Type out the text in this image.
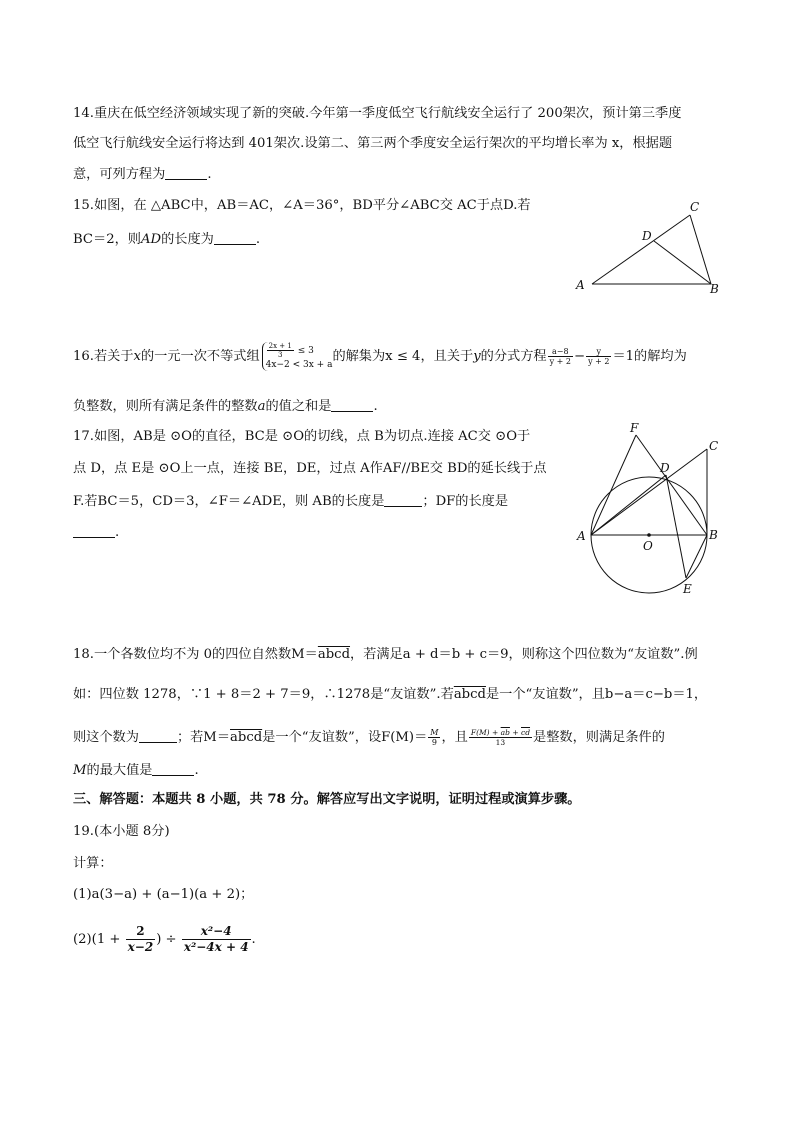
14.重庆在低空经济领域实现了新的突破.今年第一季度低空飞行航线安全运行了 200架次，预计第三季度
低空飞行航线安全运行将达到 401架次.设第二、第三两个季度安全运行架次的平均增长率为 x，根据题
意，可列方程为	.
15.如图，在 △ABC中，AB＝AC，∠A＝36°，BD平分∠ABC交 AC于点D.若
BC＝2，则AD的长度为	.
A	B
C
D
16.若关于x的一元一次不等式组 $\frac{2x + 1}{3} \le 3$
4x−2 < 3x + a
的解集为x ≤ 4，且关于y的分式方程 $\frac{a-8}{y + 2} - \frac{y}{y + 2} =1$的解均为
负整数，则所有满足条件的整数a的值之和是	.
17.如图，AB是 ⊙O的直径，BC是 ⊙O的切线，点 B为切点.连接 AC交 ⊙O于
点 D，点 E是 ⊙O上一点，连接 BE，DE，过点 A作AF//BE交 BD的延长线于点
F.若BC＝5，CD＝3，∠F＝∠ADE，则 AB的长度是	；DF的长度是
.	A	B
C
D
E
F
O
18.一个各数位均不为 0的四位自然数M＝abcd，若满足a + d＝b + c＝9，则称这个四位数为“友谊数”.例
如：四位数 1278，∵1 + 8＝2 + 7＝9，∴1278是“友谊数”.若abcd是一个“友谊数”，且b−a＝c−b＝1，
则这个数为	；若M＝abcd是一个“友谊数”，设$F(M)= \frac{M}{9}$ ，且 $\frac{F(M) + \overline{ab} + \overline{cd}}{13}$ 是整数，则满足条件的
M的最大值是	.
三、解答题：本题共 8 小题，共 78 分。解答应写出文字说明，证明过程或演算步骤。
19.(本小题 8分)
计算：
(1)a(3−a) + (a−1)(a + 2)；
$(2)(1 + \frac{2}{x-2}$ ) ÷ $\frac{\text{x²−4}}{\text{x²−4x + 4}}$ .
